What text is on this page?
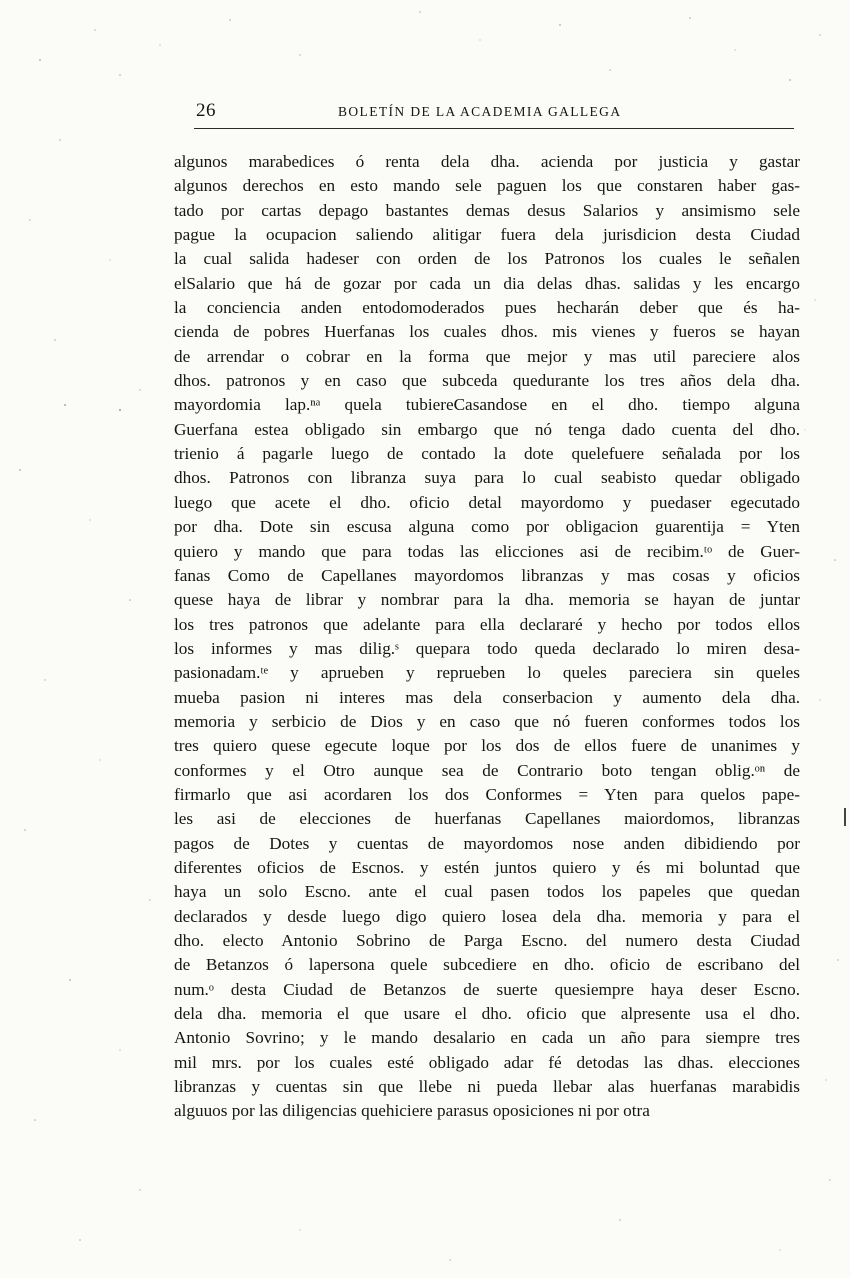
26	BOLETÍN DE LA ACADEMIA GALLEGA
algunos marabedices ó renta dela dha. acienda por justicia y gastar
algunos derechos en esto mando sele paguen los que constaren haber gas-
tado por cartas depago bastantes demas desus Salarios y ansimismo sele
pague la ocupacion saliendo alitigar fuera dela jurisdicion desta Ciudad
la cual salida hadeser con orden de los Patronos los cuales le señalen
elSalario que há de gozar por cada un dia delas dhas. salidas y les encargo
la conciencia anden entodomoderados pues hecharán deber que és ha-
cienda de pobres Huerfanas los cuales dhos. mis vienes y fueros se hayan
de arrendar o cobrar en la forma que mejor y mas util pareciere alos
dhos. patronos y en caso que subceda quedurante los tres años dela dha.
mayordomia lap.ⁿᵃ quela tubiereCasandose en el dho. tiempo alguna
Guerfana estea obligado sin embargo que nó tenga dado cuenta del dho.
trienio á pagarle luego de contado la dote quelefuere señalada por los
dhos. Patronos con libranza suya para lo cual seabisto quedar obligado
luego que acete el dho. oficio detal mayordomo y puedaser egecutado
por dha. Dote sin escusa alguna como por obligacion guarentija = Yten
quiero y mando que para todas las elicciones asi de recibim.ᵗᵒ de Guer-
fanas Como de Capellanes mayordomos libranzas y mas cosas y oficios
quese haya de librar y nombrar para la dha. memoria se hayan de juntar
los tres patronos que adelante para ella declararé y hecho por todos ellos
los informes y mas dilig.ˢ quepara todo queda declarado lo miren desa-
pasionadam.ᵗᵉ y aprueben y reprueben lo queles pareciera sin queles
mueba pasion ni interes mas dela conserbacion y aumento dela dha.
memoria y serbicio de Dios y en caso que nó fueren conformes todos los
tres quiero quese egecute loque por los dos de ellos fuere de unanimes y
conformes y el Otro aunque sea de Contrario boto tengan oblig.ᵒⁿ de
firmarlo que asi acordaren los dos Conformes = Yten para quelos pape-
les asi de elecciones de huerfanas Capellanes maiordomos, libranzas
pagos de Dotes y cuentas de mayordomos nose anden dibidiendo por
diferentes oficios de Escnos. y estén juntos quiero y és mi boluntad que
haya un solo Escno. ante el cual pasen todos los papeles que quedan
declarados y desde luego digo quiero losea dela dha. memoria y para el
dho. electo Antonio Sobrino de Parga Escno. del numero desta Ciudad
de Betanzos ó lapersona quele subcediere en dho. oficio de escribano del
num.ᵒ desta Ciudad de Betanzos de suerte quesiempre haya deser Escno.
dela dha. memoria el que usare el dho. oficio que alpresente usa el dho.
Antonio Sovrino; y le mando desalario en cada un año para siempre tres
mil mrs. por los cuales esté obligado adar fé detodas las dhas. elecciones
libranzas y cuentas sin que llebe ni pueda llebar alas huerfanas marabidis
alguuos por las diligencias quehiciere parasus oposiciones ni por otra
